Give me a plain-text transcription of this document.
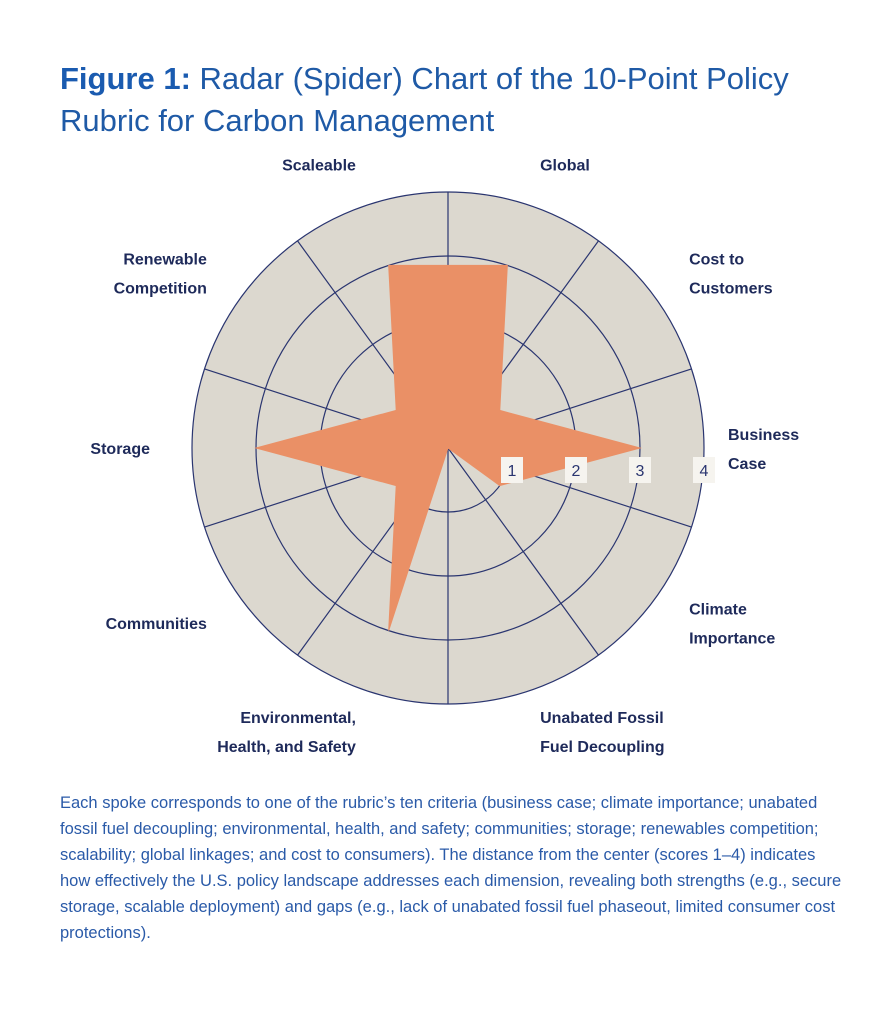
Figure 1: Radar (Spider) Chart of the 10-Point Policy Rubric for Carbon Management
1	2	3	4
Business Case
Climate Importance
Unabated Fossil Fuel Decoupling
Environmental, Health, and Safety
Communities
Storage
Renewable Competition
Scaleable	Global
Cost to Customers
Each spoke corresponds to one of the rubric’s ten criteria (business case; climate importance; unabated fossil fuel decoupling; environmental, health, and safety; communities; storage; renewables competition; scalability; global linkages; and cost to consumers). The distance from the center (scores 1–4) indicates how effectively the U.S. policy landscape addresses each dimension, revealing both strengths (e.g., secure storage, scalable deployment) and gaps (e.g., lack of unabated fossil fuel phaseout, limited consumer cost protections).
